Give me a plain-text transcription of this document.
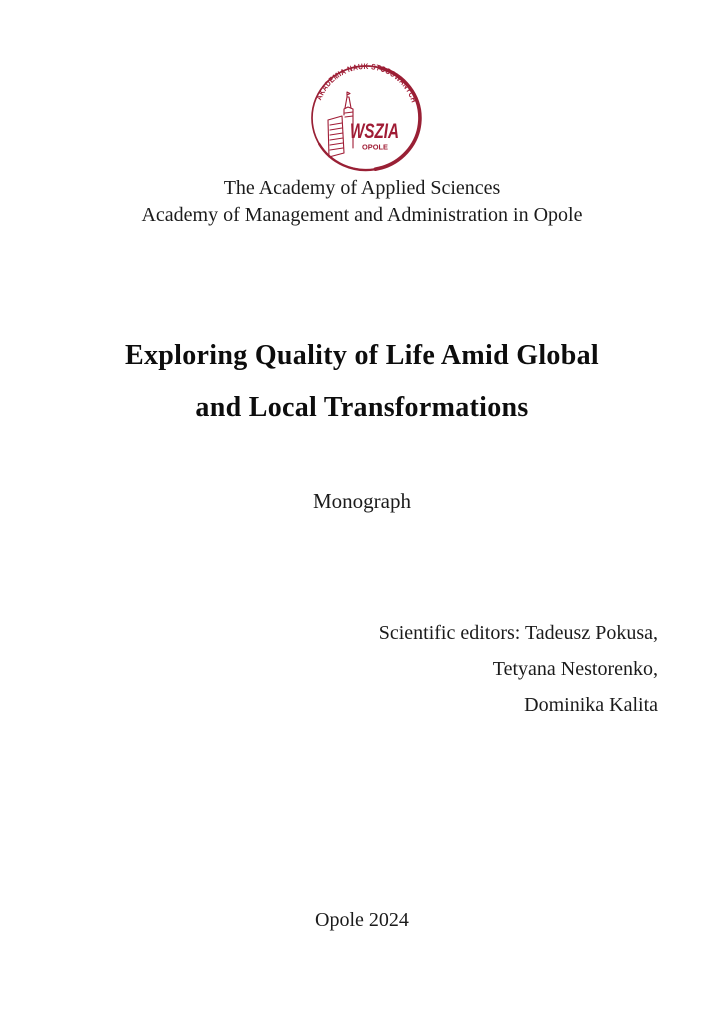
AKADEMIA NAUK STOSOWANYCH
WSZIA
OPOLE
The Academy of Applied Sciences
Academy of Management and Administration in Opole
Exploring Quality of Life Amid Global
and Local Transformations
Monograph
Scientific editors: Tadeusz Pokusa,
Tetyana Nestorenko,
Dominika Kalita
Opole 2024
